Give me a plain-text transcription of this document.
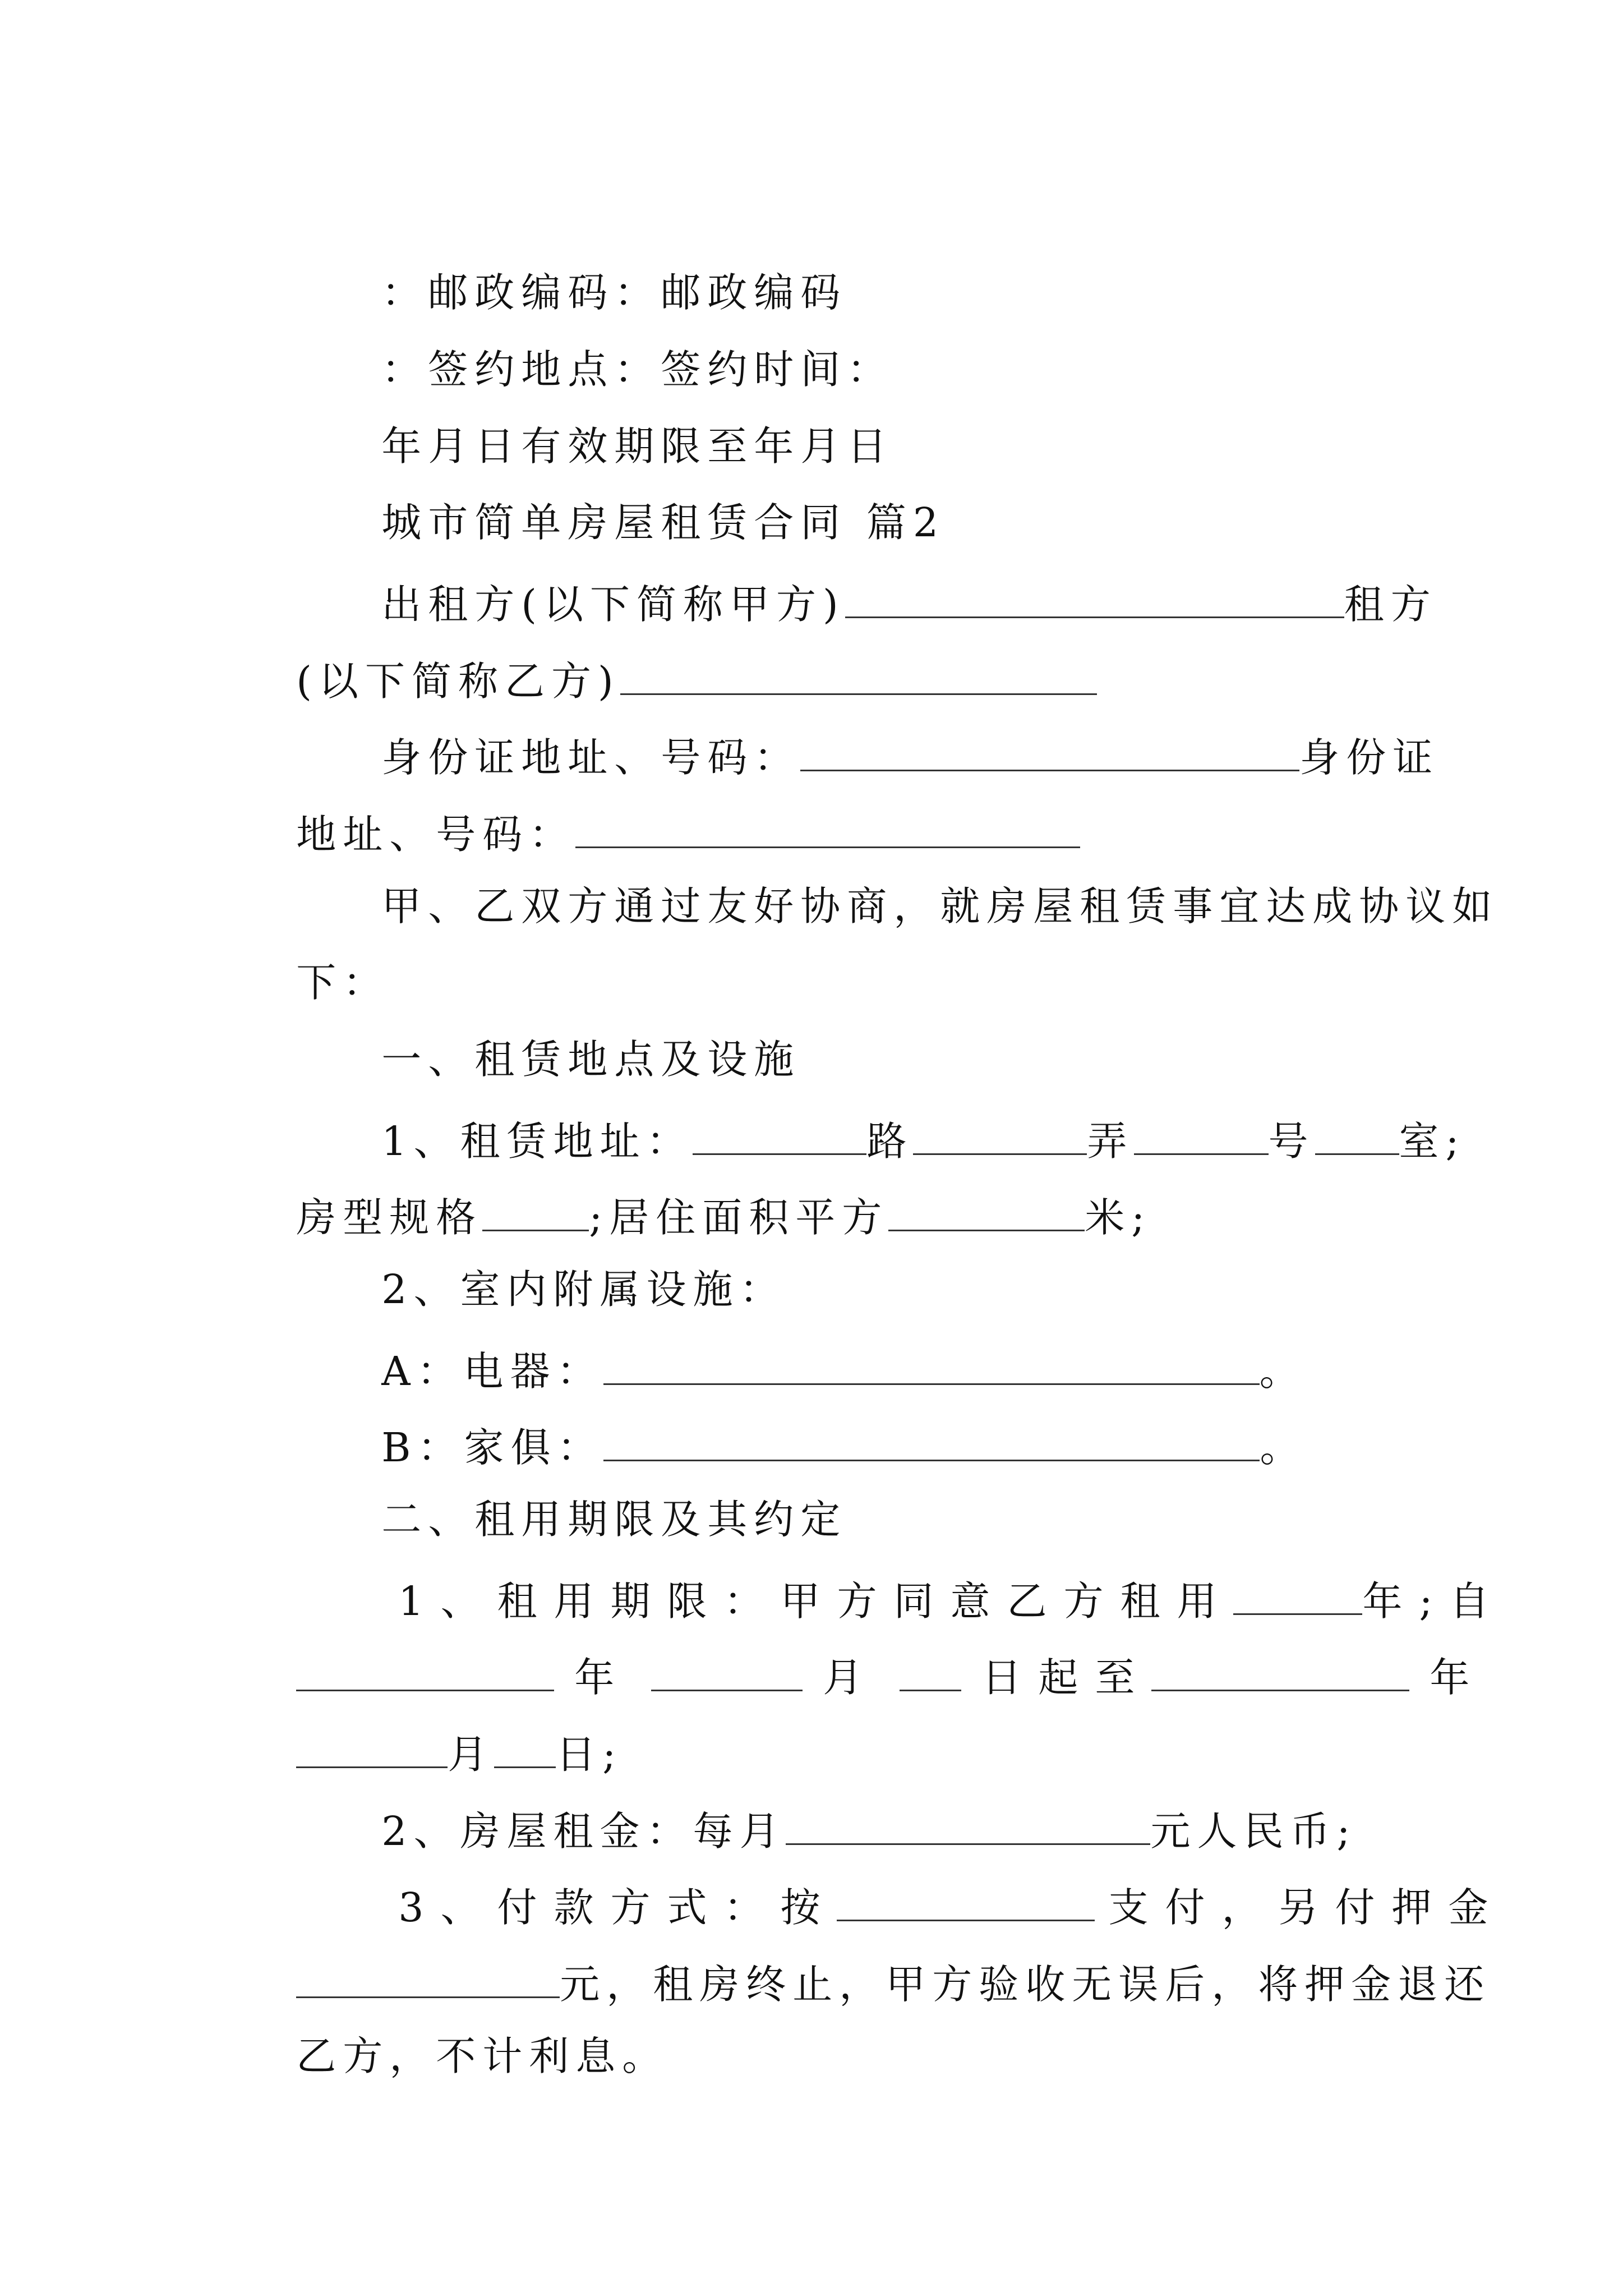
：邮政编码：邮政编码

：签约地点：签约时间：

年月日有效期限至年月日

城市简单房屋租赁合同 篇2

出租方(以下简称甲方)	租方

(以下简称乙方)

身份证地址、号码：	身份证

地址、号码：

甲、乙双方通过友好协商，就房屋租赁事宜达成协议如

下：

一、租赁地点及设施

1、租赁地址：	路	弄	号 室;

房型规格	;居住面积平方	米;

2、室内附属设施：

A：电器：	。

B：家俱：	。

二、租用期限及其约定

1、租用期限：甲方同意乙方租用	年;自

年	月	日起至	年

月 日;

2、房屋租金：每月	元人民币;

3、付款方式：按	支付，另付押金

元，租房终止，甲方验收无误后，将押金退还

乙方，不计利息。
